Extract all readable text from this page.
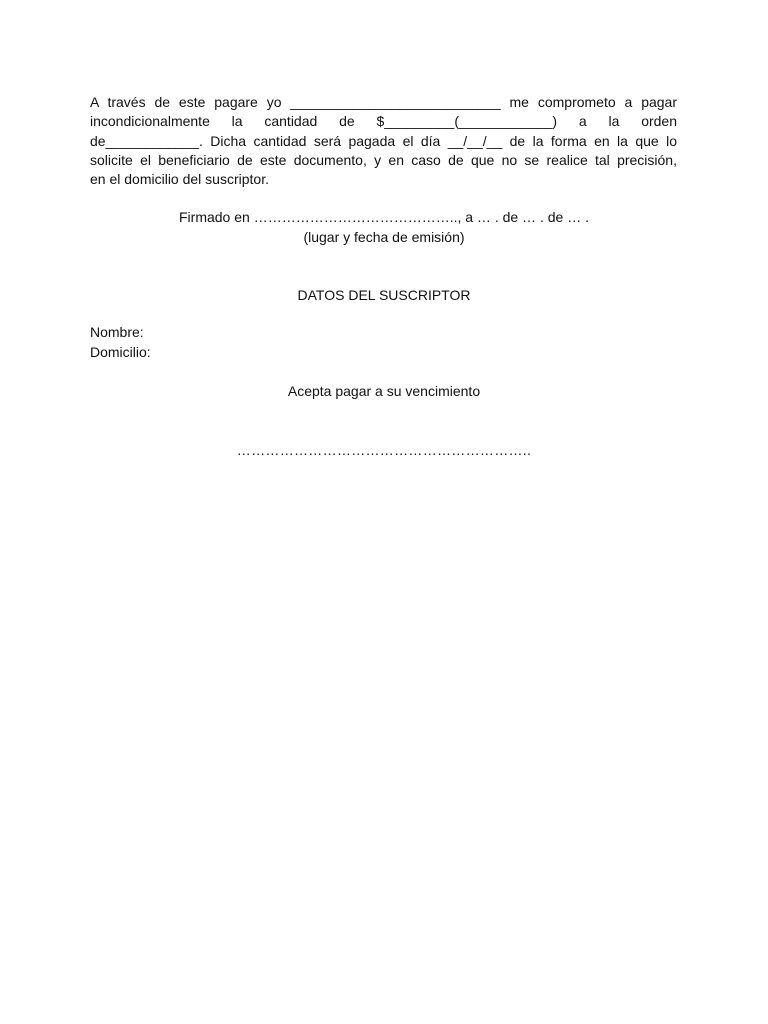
A través de este pagare yo ___________________________ me comprometo a pagar
incondicionalmente la cantidad de $_________(____________) a la orden
de____________. Dicha cantidad será pagada el día __/__/__ de la forma en la que lo
solicite el beneficiario de este documento, y en caso de que no se realice tal precisión,
en el domicilio del suscriptor.

Firmado en …………………………………….., a … . de … . de … .

(lugar y fecha de emisión)

DATOS DEL SUSCRIPTOR

Nombre:

Domicilio:

Acepta pagar a su vencimiento

……………………………………………………..
